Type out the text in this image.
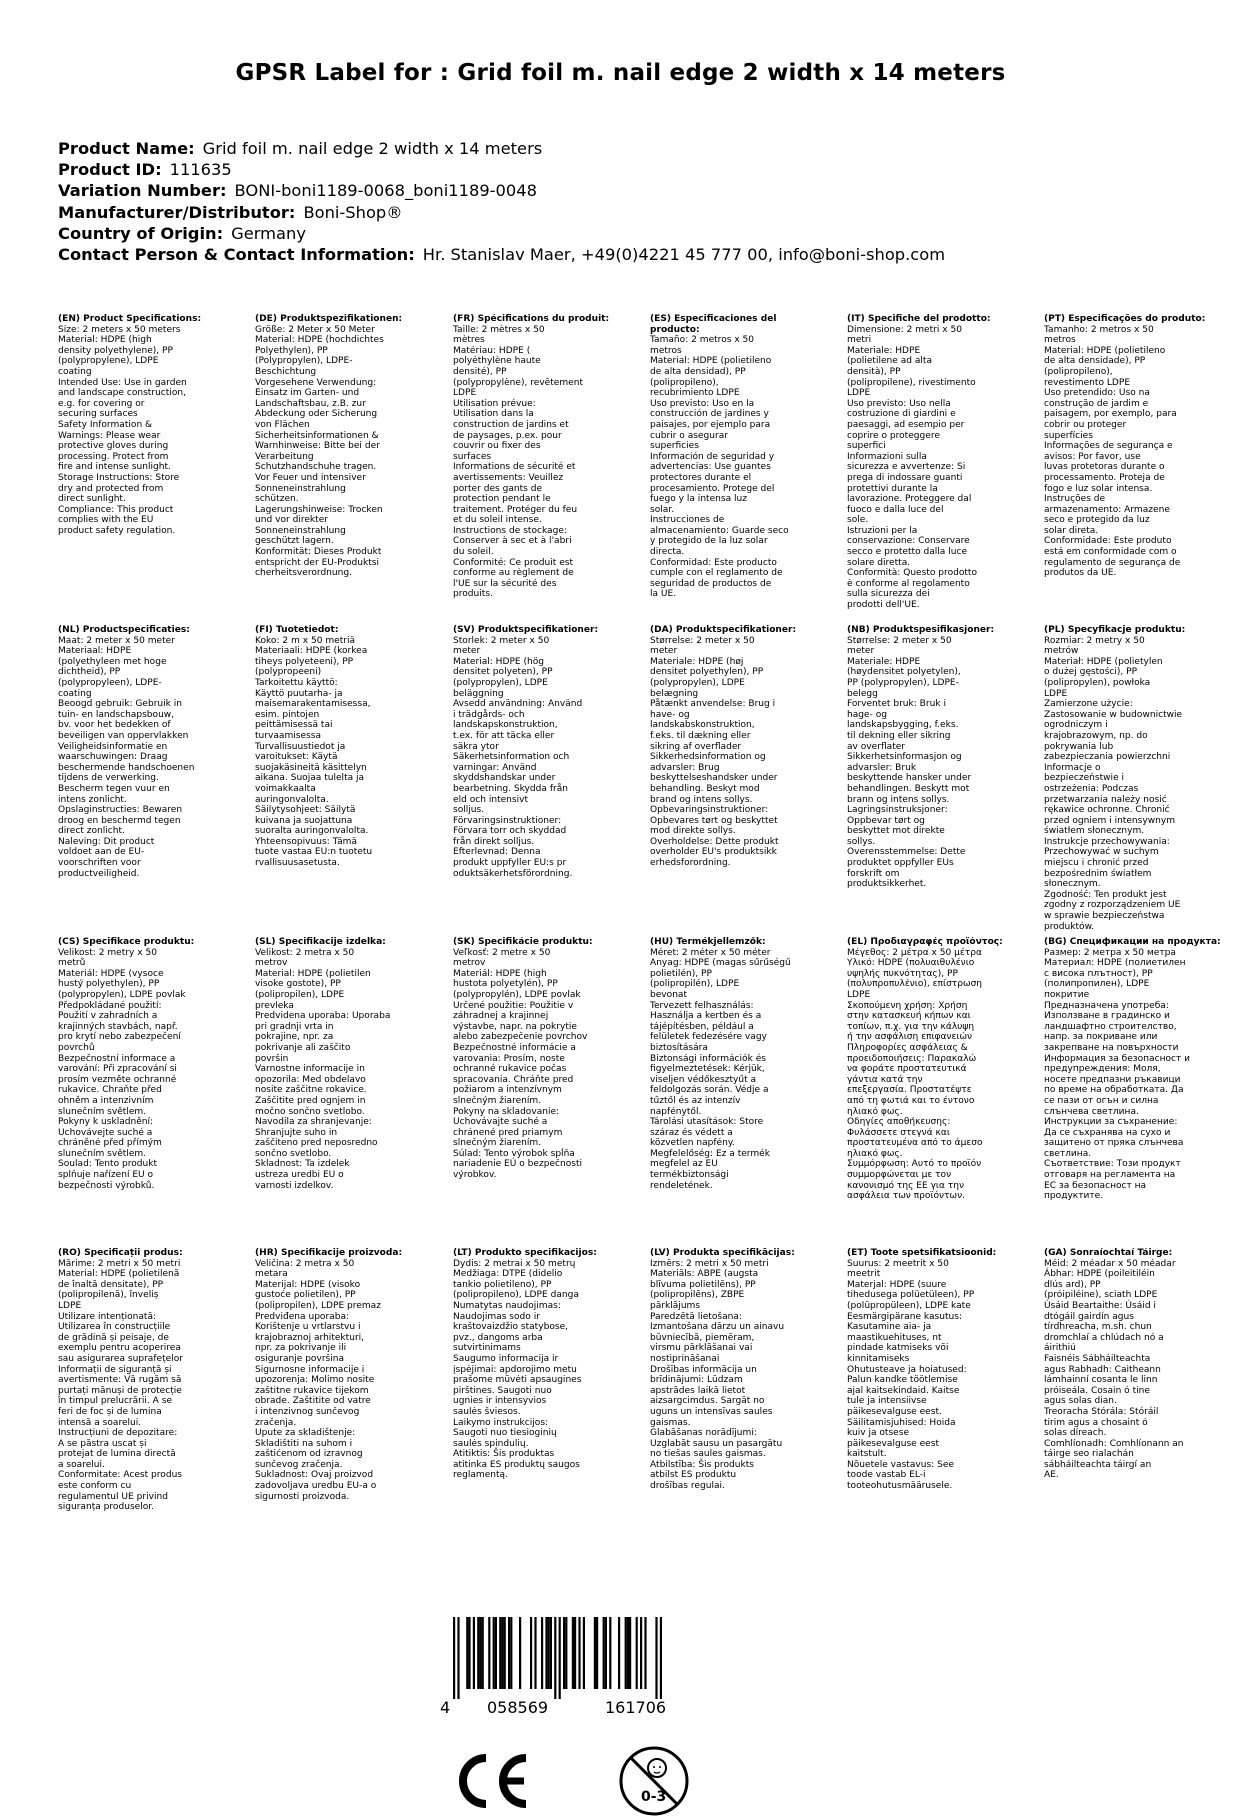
GPSR Label for : Grid foil m. nail edge 2 width x 14 meters
Product Name: Grid foil m. nail edge 2 width x 14 meters
Product ID: 111635
Variation Number: BONI-boni1189-0068_boni1189-0048
Manufacturer/Distributor: Boni-Shop®
Country of Origin: Germany
Contact Person & Contact Information: Hr. Stanislav Maer, +49(0)4221 45 777 00, info@boni-shop.com
(EN) Product Specifications:
Size: 2 meters x 50 meters
Material: HDPE (high
density polyethylene), PP
(polypropylene), LDPE
coating
Intended Use: Use in garden
and landscape construction,
e.g. for covering or
securing surfaces
Safety Information &
Warnings: Please wear
protective gloves during
processing. Protect from
fire and intense sunlight.
Storage Instructions: Store
dry and protected from
direct sunlight.
Compliance: This product
complies with the EU
product safety regulation.
(DE) Produktspezifikationen:
Größe: 2 Meter x 50 Meter
Material: HDPE (hochdichtes
Polyethylen), PP
(Polypropylen), LDPE-
Beschichtung
Vorgesehene Verwendung:
Einsatz im Garten- und
Landschaftsbau, z.B. zur
Abdeckung oder Sicherung
von Flächen
Sicherheitsinformationen &
Warnhinweise: Bitte bei der
Verarbeitung
Schutzhandschuhe tragen.
Vor Feuer und intensiver
Sonneneinstrahlung
schützen.
Lagerungshinweise: Trocken
und vor direkter
Sonneneinstrahlung
geschützt lagern.
Konformität: Dieses Produkt
entspricht der EU-Produktsi
cherheitsverordnung.
(FR) Spécifications du produit:
Taille: 2 mètres x 50
mètres
Matériau: HDPE (
polyéthylène haute
densité), PP
(polypropylène), revêtement
LDPE
Utilisation prévue:
Utilisation dans la
construction de jardins et
de paysages, p.ex. pour
couvrir ou fixer des
surfaces
Informations de sécurité et
avertissements: Veuillez
porter des gants de
protection pendant le
traitement. Protéger du feu
et du soleil intense.
Instructions de stockage:
Conserver à sec et à l'abri
du soleil.
Conformité: Ce produit est
conforme au règlement de
l'UE sur la sécurité des
produits.
(ES) Especificaciones del producto:
Tamaño: 2 metros x 50
metros
Material: HDPE (polietileno
de alta densidad), PP
(polipropileno),
recubrimiento LDPE
Uso previsto: Uso en la
construcción de jardines y
paisajes, por ejemplo para
cubrir o asegurar
superficies
Información de seguridad y
advertencias: Use guantes
protectores durante el
procesamiento. Protege del
fuego y la intensa luz
solar.
Instrucciones de
almacenamiento: Guarde seco
y protegido de la luz solar
directa.
Conformidad: Este producto
cumple con el reglamento de
seguridad de productos de
la UE.
(IT) Specifiche del prodotto:
Dimensione: 2 metri x 50
metri
Materiale: HDPE
(polietilene ad alta
densità), PP
(polipropilene), rivestimento
LDPE
Uso previsto: Uso nella
costruzione di giardini e
paesaggi, ad esempio per
coprire o proteggere
superfici
Informazioni sulla
sicurezza e avvertenze: Si
prega di indossare guanti
protettivi durante la
lavorazione. Proteggere dal
fuoco e dalla luce del
sole.
Istruzioni per la
conservazione: Conservare
secco e protetto dalla luce
solare diretta.
Conformità: Questo prodotto
è conforme al regolamento
sulla sicurezza dei
prodotti dell'UE.
(PT) Especificações do produto:
Tamanho: 2 metros x 50
metros
Material: HDPE (polietileno
de alta densidade), PP
(polipropileno),
revestimento LDPE
Uso pretendido: Uso na
construção de jardim e
paisagem, por exemplo, para
cobrir ou proteger
superfícies
Informações de segurança e
avisos: Por favor, use
luvas protetoras durante o
processamento. Proteja de
fogo e luz solar intensa.
Instruções de
armazenamento: Armazene
seco e protegido da luz
solar direta.
Conformidade: Este produto
está em conformidade com o
regulamento de segurança de
produtos da UE.
(NL) Productspecificaties:
Maat: 2 meter x 50 meter
Materiaal: HDPE
(polyethyleen met hoge
dichtheid), PP
(polypropyleen), LDPE-
coating
Beoogd gebruik: Gebruik in
tuin- en landschapsbouw,
bv. voor het bedekken of
beveiligen van oppervlakken
Veiligheidsinformatie en
waarschuwingen: Draag
beschermende handschoenen
tijdens de verwerking.
Bescherm tegen vuur en
intens zonlicht.
Opslaginstructies: Bewaren
droog en beschermd tegen
direct zonlicht.
Naleving: Dit product
voldoet aan de EU-
voorschriften voor
productveiligheid.
(FI) Tuotetiedot:
Koko: 2 m x 50 metriä
Materiaali: HDPE (korkea
tiheys polyeteeni), PP
(polypropeeni)
Tarkoitettu käyttö:
Käyttö puutarha- ja
maisemarakentamisessa,
esim. pintojen
peittämisessä tai
turvaamisessa
Turvallisuustiedot ja
varoitukset: Käytä
suojakäsineitä käsittelyn
aikana. Suojaa tulelta ja
voimakkaalta
auringonvalolta.
Säilytysohjeet: Säilytä
kuivana ja suojattuna
suoralta auringonvalolta.
Yhteensopivuus: Tämä
tuote vastaa EU:n tuotetu
rvallisuusasetusta.
(SV) Produktspecifikationer:
Storlek: 2 meter x 50
meter
Material: HDPE (hög
densitet polyeten), PP
(polypropylen), LDPE
beläggning
Avsedd användning: Använd
i trädgårds- och
landskapskonstruktion,
t.ex. för att täcka eller
säkra ytor
Säkerhetsinformation och
varningar: Använd
skyddshandskar under
bearbetning. Skydda från
eld och intensivt
solljus.
Förvaringsinstruktioner:
Förvara torr och skyddad
från direkt solljus.
Efterlevnad: Denna
produkt uppfyller EU:s pr
oduktsäkerhetsförordning.
(DA) Produktspecifikationer:
Størrelse: 2 meter x 50
meter
Materiale: HDPE (høj
densitet polyethylen), PP
(polypropylen), LDPE
belægning
Påtænkt anvendelse: Brug i
have- og
landskabskonstruktion,
f.eks. til dækning eller
sikring af overflader
Sikkerhedsinformation og
advarsler: Brug
beskyttelseshandsker under
behandling. Beskyt mod
brand og intens sollys.
Opbevaringsinstruktioner:
Opbevares tørt og beskyttet
mod direkte sollys.
Overholdelse: Dette produkt
overholder EU's produktsikk
erhedsforordning.
(NB) Produktspesifikasjoner:
Størrelse: 2 meter x 50
meter
Materiale: HDPE
(høydensitet polyetylen),
PP (polypropylen), LDPE-
belegg
Forventet bruk: Bruk i
hage- og
landskapsbygging, f.eks.
til dekning eller sikring
av overflater
Sikkerhetsinformasjon og
advarsler: Bruk
beskyttende hansker under
behandlingen. Beskytt mot
brann og intens sollys.
Lagringsinstruksjoner:
Oppbevar tørt og
beskyttet mot direkte
sollys.
Overensstemmelse: Dette
produktet oppfyller EUs
forskrift om
produktsikkerhet.
(PL) Specyfikacje produktu:
Rozmiar: 2 metry x 50
metrów
Materiał: HDPE (polietylen
o dużej gęstości), PP
(polipropylen), powłoka
LDPE
Zamierzone użycie:
Zastosowanie w budownictwie
ogrodniczym i
krajobrazowym, np. do
pokrywania lub
zabezpieczania powierzchni
Informacje o
bezpieczeństwie i
ostrzeżenia: Podczas
przetwarzania należy nosić
rękawice ochronne. Chronić
przed ogniem i intensywnym
światłem słonecznym.
Instrukcje przechowywania:
Przechowywać w suchym
miejscu i chronić przed
bezpośrednim światłem
słonecznym.
Zgodność: Ten produkt jest
zgodny z rozporządzeniem UE
w sprawie bezpieczeństwa
produktów.
(CS) Specifikace produktu:
Velikost: 2 metry x 50
metrů
Materiál: HDPE (vysoce
hustý polyethylen), PP
(polypropylen), LDPE povlak
Předpokládané použití:
Použití v zahradních a
krajinných stavbách, např.
pro krytí nebo zabezpečení
povrchů
Bezpečnostní informace a
varování: Při zpracování si
prosím vezměte ochranné
rukavice. Chraňte před
ohněm a intenzivním
slunečním světlem.
Pokyny k uskladnění:
Uchovávejte suché a
chráněné před přímým
slunečním světlem.
Soulad: Tento produkt
splňuje nařízení EU o
bezpečnosti výrobků.
(SL) Specifikacije izdelka:
Velikost: 2 metra x 50
metrov
Material: HDPE (polietilen
visoke gostote), PP
(polipropilen), LDPE
prevleka
Predvidena uporaba: Uporaba
pri gradnji vrta in
pokrajine, npr. za
pokrivanje ali zaščito
površin
Varnostne informacije in
opozorila: Med obdelavo
nosite zaščitne rokavice.
Zaščitite pred ognjem in
močno sončno svetlobo.
Navodila za shranjevanje:
Shranjujte suho in
zaščiteno pred neposredno
sončno svetlobo.
Skladnost: Ta izdelek
ustreza uredbi EU o
varnosti izdelkov.
(SK) Špecifikácie produktu:
Veľkosť: 2 metre x 50
metrov
Materiál: HDPE (high
hustota polyetylén), PP
(polypropylén), LDPE povlak
Určené použitie: Použitie v
záhradnej a krajinnej
výstavbe, napr. na pokrytie
alebo zabezpečenie povrchov
Bezpečnostné informácie a
varovania: Prosím, noste
ochranné rukavice počas
spracovania. Chráňte pred
požiarom a intenzívnym
slnečným žiarením.
Pokyny na skladovanie:
Uchovávajte suché a
chránené pred priamym
slnečným žiarením.
Súlad: Tento výrobok spĺňa
nariadenie EÚ o bezpečnosti
výrobkov.
(HU) Termékjellemzők:
Méret: 2 méter x 50 méter
Anyag: HDPE (magas sűrűségű
polietilén), PP
(polipropilén), LDPE
bevonat
Tervezett felhasználás:
Használja a kertben és a
tájépítésben, például a
felületek fedezésére vagy
biztosítására
Biztonsági információk és
figyelmeztetések: Kérjük,
viseljen védőkesztyűt a
feldolgozás során. Védje a
tűztől és az intenzív
napfénytől.
Tárolási utasítások: Store
száraz és védett a
közvetlen napfény.
Megfelelőség: Ez a termék
megfelel az EU
termékbiztonsági
rendeletének.
(EL) Προδιαγραφές προϊόντος:
Μέγεθος: 2 μέτρα x 50 μέτρα
Υλικό: HDPE (πολυαιθυλένιο
υψηλής πυκνότητας), PP
(πολυπροπυλένιο), επίστρωση
LDPE
Σκοπούμενη χρήση: Χρήση
στην κατασκευή κήπων και
τοπίων, π.χ. για την κάλυψη
ή την ασφάλιση επιφανειών
Πληροφορίες ασφάλειας &
προειδοποιήσεις: Παρακαλώ
να φοράτε προστατευτικά
γάντια κατά την
επεξεργασία. Προστατέψτε
από τη φωτιά και το έντονο
ηλιακό φως.
Οδηγίες αποθήκευσης:
Φυλάσσετε στεγνά και
προστατευμένα από το άμεσο
ηλιακό φως.
Συμμόρφωση: Αυτό το προϊόν
συμμορφώνεται με τον
κανονισμό της ΕΕ για την
ασφάλεια των προϊόντων.
(BG) Спецификации на продукта:
Размер: 2 метра x 50 метра
Материал: HDPE (полиетилен
с висока плътност), PP
(полипропилен), LDPE
покритие
Предназначена употреба:
Използване в градинско и
ландшафтно строителство,
напр. за покриване или
закрепване на повърхности
Информация за безопасност и
предупреждения: Моля,
носете предпазни ръкавици
по време на обработката. Да
се пази от огън и силна
слънчева светлина.
Инструкции за съхранение:
Да се съхранява на сухо и
защитено от пряка слънчева
светлина.
Съответствие: Този продукт
отговаря на регламента на
ЕС за безопасност на
продуктите.
(RO) Specificații produs:
Mărime: 2 metri x 50 metri
Material: HDPE (polietilenă
de înaltă densitate), PP
(polipropilenă), înveliș
LDPE
Utilizare intenționată:
Utilizarea în construcțiile
de grădină și peisaje, de
exemplu pentru acoperirea
sau asigurarea suprafețelor
Informații de siguranță și
avertismente: Vă rugăm să
purtați mănuși de protecție
în timpul prelucrării. A se
feri de foc și de lumina
intensă a soarelui.
Instrucțiuni de depozitare:
A se păstra uscat și
protejat de lumina directă
a soarelui.
Conformitate: Acest produs
este conform cu
regulamentul UE privind
siguranța produselor.
(HR) Specifikacije proizvoda:
Veličina: 2 metra x 50
metara
Materijal: HDPE (visoko
gustoće polietilen), PP
(polipropilen), LDPE premaz
Predviđena uporaba:
Korištenje u vrtlarstvu i
krajobraznoj arhitekturi,
npr. za pokrivanje ili
osiguranje površina
Sigurnosne informacije i
upozorenja: Molimo nosite
zaštitne rukavice tijekom
obrade. Zaštitite od vatre
i intenzivnog sunčevog
zračenja.
Upute za skladištenje:
Skladištiti na suhom i
zaštićenom od izravnog
sunčevog zračenja.
Sukladnost: Ovaj proizvod
zadovoljava uredbu EU-a o
sigurnosti proizvoda.
(LT) Produkto specifikacijos:
Dydis: 2 metrai x 50 metrų
Medžiaga: DTPE (didelio
tankio polietileno), PP
(polipropileno), LDPE danga
Numatytas naudojimas:
Naudojimas sodo ir
kraštovaizdžio statybose,
pvz., dangoms arba
sutvirtinimams
Saugumo informacija ir
įspėjimai: apdorojimo metu
prašome mūvėti apsaugines
pirštines. Saugoti nuo
ugnies ir intensyvios
saulės šviesos.
Laikymo instrukcijos:
Saugoti nuo tiesioginių
saulės spindulių.
Atitiktis: Šis produktas
atitinka ES produktų saugos
reglamentą.
(LV) Produkta specifikācijas:
Izmērs: 2 metri x 50 metri
Materiāls: ABPE (augsta
blīvuma polietilēns), PP
(polipropilēns), ZBPE
pārklājums
Paredzētā lietošana:
Izmantošana dārzu un ainavu
būvniecībā, piemēram,
virsmu pārklāšanai vai
nostiprināšanai
Drošības informācija un
brīdinājumi: Lūdzam
apstrādes laikā lietot
aizsargcimdus. Sargāt no
uguns un intensīvas saules
gaismas.
Glabāšanas norādījumi:
Uzglabāt sausu un pasargātu
no tiešas saules gaismas.
Atbilstība: Šis produkts
atbilst ES produktu
drošības regulai.
(ET) Toote spetsifikatsioonid:
Suurus: 2 meetrit x 50
meetrit
Materjal: HDPE (suure
tihedusega polüetüleen), PP
(polüpropüleen), LDPE kate
Eesmärgipärane kasutus:
Kasutamine aia- ja
maastikuehituses, nt
pindade katmiseks või
kinnitamiseks
Ohutusteave ja hoiatused:
Palun kandke töötlemise
ajal kaitsekindaid. Kaitse
tule ja intensiivse
päikesevalguse eest.
Säilitamisjuhised: Hoida
kuiv ja otsese
päikesevalguse eest
kaitstult.
Nõuetele vastavus: See
toode vastab EL-i
tooteohutusmäärusele.
(GA) Sonraíochtaí Táirge:
Méid: 2 méadar x 50 méadar
Ábhar: HDPE (poileitiléin
dlús ard), PP
(próipiléine), sciath LDPE
Úsáid Beartaithe: Úsáid i
dtógáil gairdín agus
tírdhreacha, m.sh. chun
dromchlaí a chlúdach nó a
áirithiú
Faisnéis Sábháilteachta
agus Rabhadh: Caitheann
lámhainní cosanta le linn
próiseála. Cosain ó tine
agus solas dian.
Treoracha Stórála: Stóráil
tirim agus a chosaint ó
solas díreach.
Comhlíonadh: Comhlíonann an
táirge seo rialachán
sábháilteachta táirgí an
AE.
4 058569	161706
0-3
